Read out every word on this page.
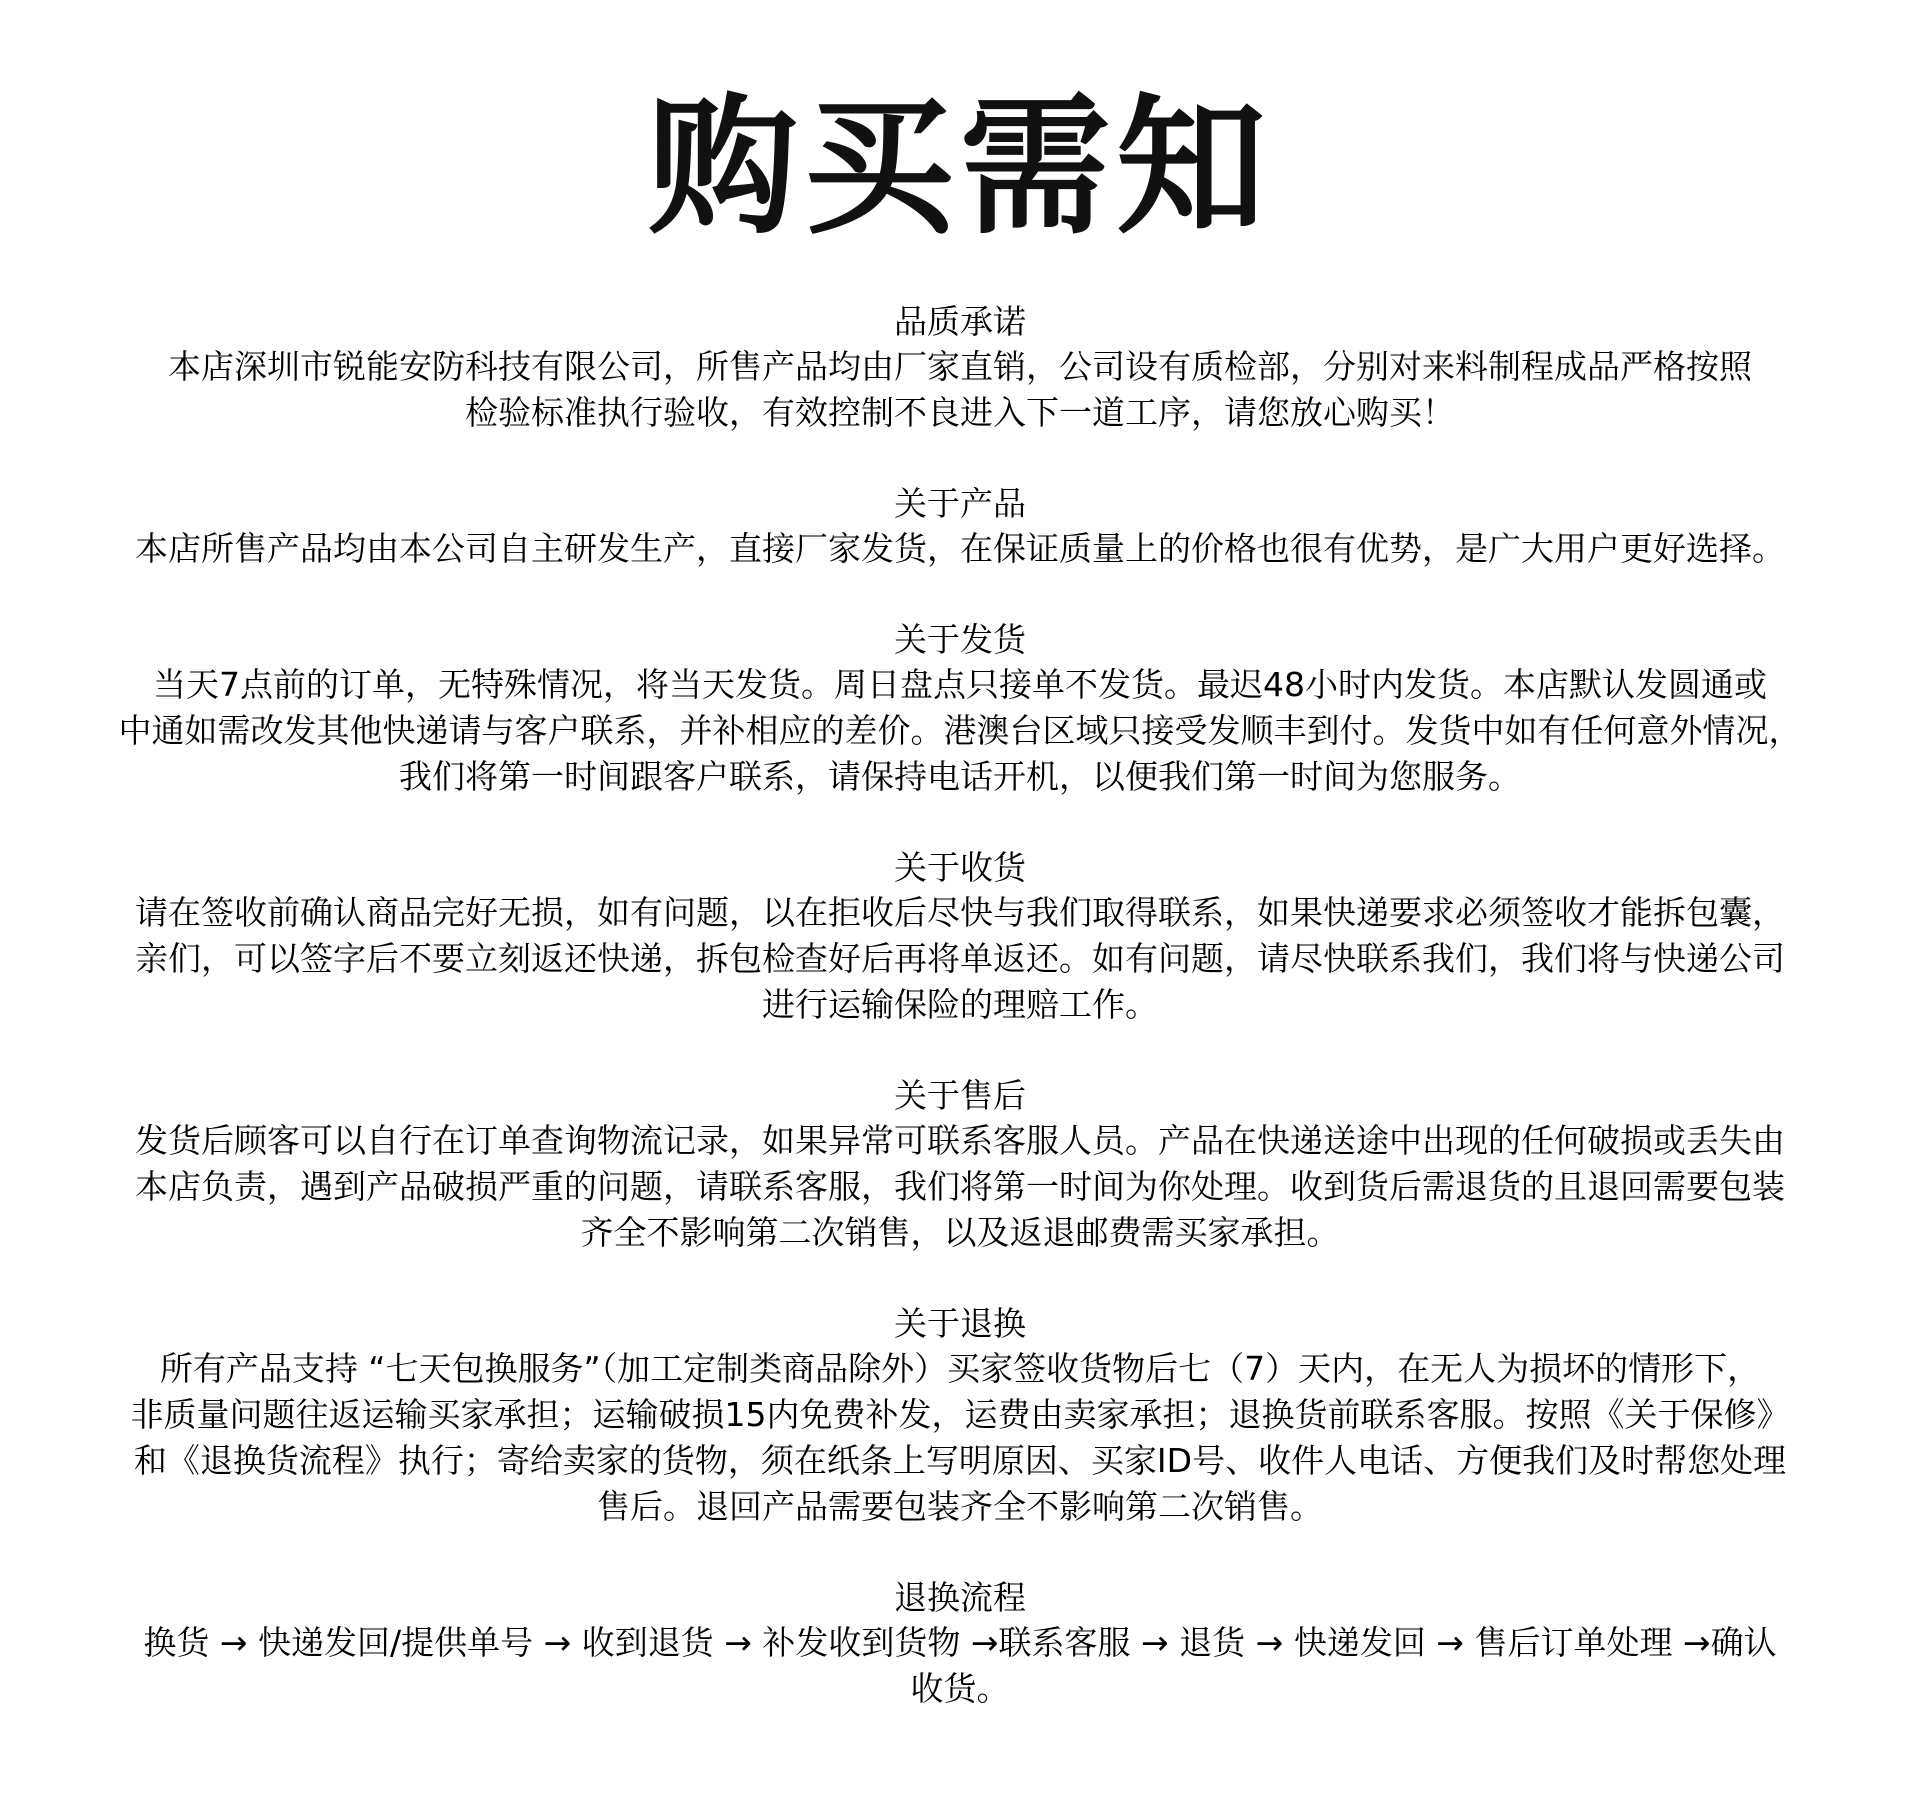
购买需知
品质承诺
本店深圳市锐能安防科技有限公司，所售产品均由厂家直销，公司设有质检部，分别对来料制程成品严格按照
检验标准执行验收，有效控制不良进入下一道工序，请您放心购买！
关于产品
本店所售产品均由本公司自主研发生产，直接厂家发货，在保证质量上的价格也很有优势，是广大用户更好选择。
关于发货
当天7点前的订单，无特殊情况，将当天发货。周日盘点只接单不发货。最迟48小时内发货。本店默认发圆通或
中通如需改发其他快递请与客户联系，并补相应的差价。港澳台区域只接受发顺丰到付。发货中如有任何意外情况，
我们将第一时间跟客户联系，请保持电话开机，以便我们第一时间为您服务。
关于收货
请在签收前确认商品完好无损，如有问题，以在拒收后尽快与我们取得联系，如果快递要求必须签收才能拆包囊，
亲们，可以签字后不要立刻返还快递，拆包检查好后再将单返还。如有问题，请尽快联系我们，我们将与快递公司
进行运输保险的理赔工作。
关于售后
发货后顾客可以自行在订单查询物流记录，如果异常可联系客服人员。产品在快递送途中出现的任何破损或丢失由
本店负责，遇到产品破损严重的问题，请联系客服，我们将第一时间为你处理。收到货后需退货的且退回需要包装
齐全不影响第二次销售，以及返退邮费需买家承担。
关于退换
所有产品支持 “七天包换服务”（加工定制类商品除外）买家签收货物后七（7）天内，在无人为损坏的情形下，
非质量问题往返运输买家承担；运输破损15内免费补发，运费由卖家承担；退换货前联系客服。按照《关于保修》
和《退换货流程》执行；寄给卖家的货物，须在纸条上写明原因、买家ID号、收件人电话、方便我们及时帮您处理
售后。退回产品需要包装齐全不影响第二次销售。
退换流程
换货 → 快递发回/提供单号 → 收到退货 → 补发收到货物 →联系客服 → 退货 → 快递发回 → 售后订单处理 →确认
收货。
